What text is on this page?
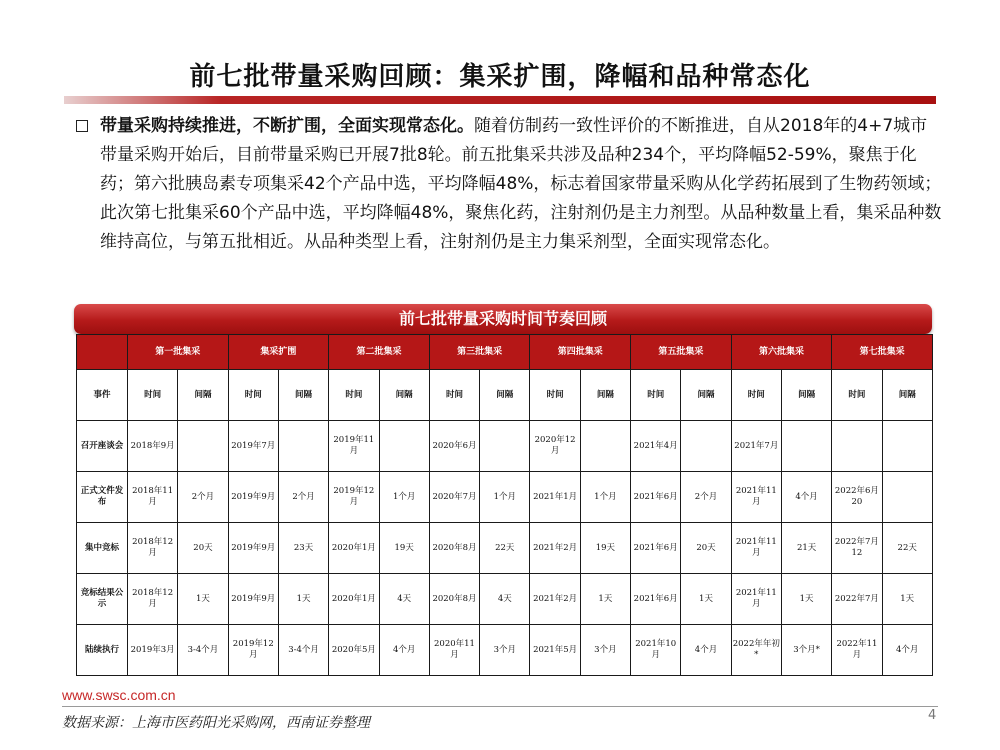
前七批带量采购回顾：集采扩围，降幅和品种常态化
带量采购持续推进，不断扩围，全面实现常态化。随着仿制药一致性评价的不断推进，自从2018年的4+7城市带量采购开始后，目前带量采购已开展7批8轮。前五批集采共涉及品种234个，平均降幅52-59%，聚焦于化药；第六批胰岛素专项集采42个产品中选，平均降幅48%，标志着国家带量采购从化学药拓展到了生物药领域；此次第七批集采60个产品中选，平均降幅48%，聚焦化药，注射剂仍是主力剂型。从品种数量上看，集采品种数维持高位，与第五批相近。从品种类型上看，注射剂仍是主力集采剂型，全面实现常态化。
前七批带量采购时间节奏回顾
	第一批集采		集采扩围		第二批集采		第三批集采		第四批集采		第五批集采		第六批集采		第七批集采	
事件	时间	间隔	时间	间隔	时间	间隔	时间	间隔	时间	间隔	时间	间隔	时间	间隔	时间	间隔
召开座谈会	2018年9月		2019年7月		2019年11月		2020年6月		2020年12月		2021年4月		2021年7月			
正式文件发布	2018年11月	2个月	2019年9月	2个月	2019年12月	1个月	2020年7月	1个月	2021年1月	1个月	2021年6月	2个月	2021年11月	4个月	2022年6月20	
集中竞标	2018年12月	20天	2019年9月	23天	2020年1月	19天	2020年8月	22天	2021年2月	19天	2021年6月	20天	2021年11月	21天	2022年7月12	22天
竞标结果公示	2018年12月	1天	2019年9月	1天	2020年1月	4天	2020年8月	4天	2021年2月	1天	2021年6月	1天	2021年11月	1天	2022年7月	1天
陆续执行	2019年3月	3-4个月	2019年12月	3-4个月	2020年5月	4个月	2020年11月	3个月	2021年5月	3个月	2021年10月	4个月	2022年年初*	3个月*	2022年11月	4个月
www.swsc.com.cn
数据来源：上海市医药阳光采购网，西南证券整理	4
